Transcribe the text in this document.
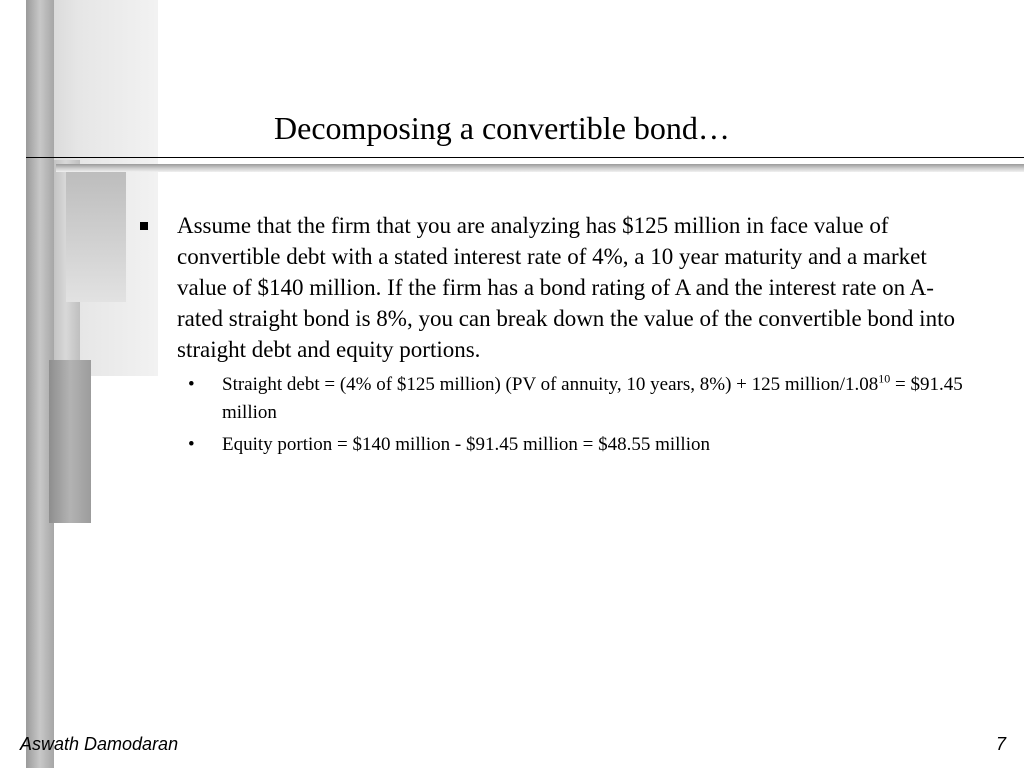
Decomposing a convertible bond…
Assume that the firm that you are analyzing has $125 million in face value of convertible debt with a stated interest rate of 4%, a 10 year maturity and a market value of $140 million. If the firm has a bond rating of A and the interest rate on A-rated straight bond is 8%, you can break down the value of the convertible bond into straight debt and equity portions.
• Straight debt = (4% of $125 million) (PV of annuity, 10 years, 8%) + 125 million/$1.08^{10}$ = $91.45 million
• Equity portion = $140 million - $91.45 million = $48.55 million
Aswath Damodaran	7
